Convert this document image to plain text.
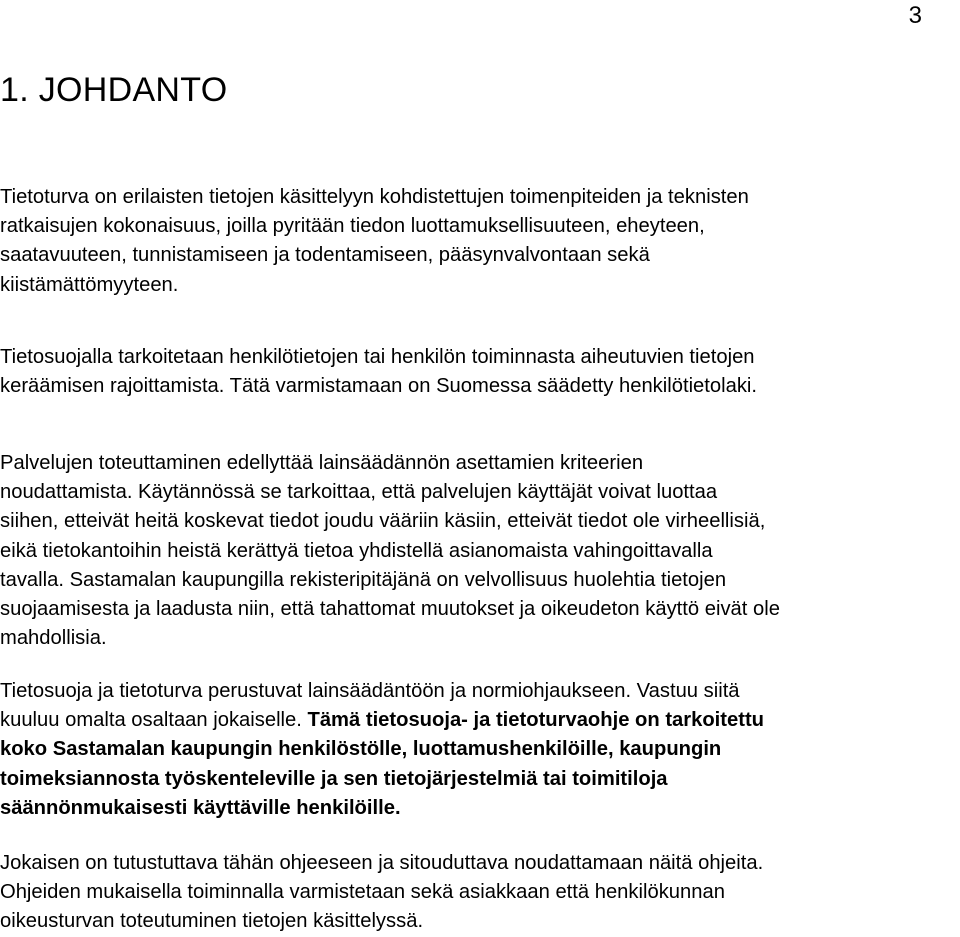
3
1. JOHDANTO

Tietoturva on erilaisten tietojen käsittelyyn kohdistettujen toimenpiteiden ja teknisten
ratkaisujen kokonaisuus, joilla pyritään tiedon luottamuksellisuuteen, eheyteen,
saatavuuteen, tunnistamiseen ja todentamiseen, pääsynvalvontaan sekä
kiistämättömyyteen.

Tietosuojalla tarkoitetaan henkilötietojen tai henkilön toiminnasta aiheutuvien tietojen
keräämisen rajoittamista. Tätä varmistamaan on Suomessa säädetty henkilötietolaki.

Palvelujen toteuttaminen edellyttää lainsäädännön asettamien kriteerien
noudattamista. Käytännössä se tarkoittaa, että palvelujen käyttäjät voivat luottaa
siihen, etteivät heitä koskevat tiedot joudu vääriin käsiin, etteivät tiedot ole virheellisiä,
eikä tietokantoihin heistä kerättyä tietoa yhdistellä asianomaista vahingoittavalla
tavalla. Sastamalan kaupungilla rekisteripitäjänä on velvollisuus huolehtia tietojen
suojaamisesta ja laadusta niin, että tahattomat muutokset ja oikeudeton käyttö eivät ole
mahdollisia.

Tietosuoja ja tietoturva perustuvat lainsäädäntöön ja normiohjaukseen. Vastuu siitä
kuuluu omalta osaltaan jokaiselle. Tämä tietosuoja- ja tietoturvaohje on tarkoitettu
koko Sastamalan kaupungin henkilöstölle, luottamushenkilöille, kaupungin
toimeksiannosta työskenteleville ja sen tietojärjestelmiä tai toimitiloja
säännönmukaisesti käyttäville henkilöille.

Jokaisen on tutustuttava tähän ohjeeseen ja sitouduttava noudattamaan näitä ohjeita.
Ohjeiden mukaisella toiminnalla varmistetaan sekä asiakkaan että henkilökunnan
oikeusturvan toteutuminen tietojen käsittelyssä.
